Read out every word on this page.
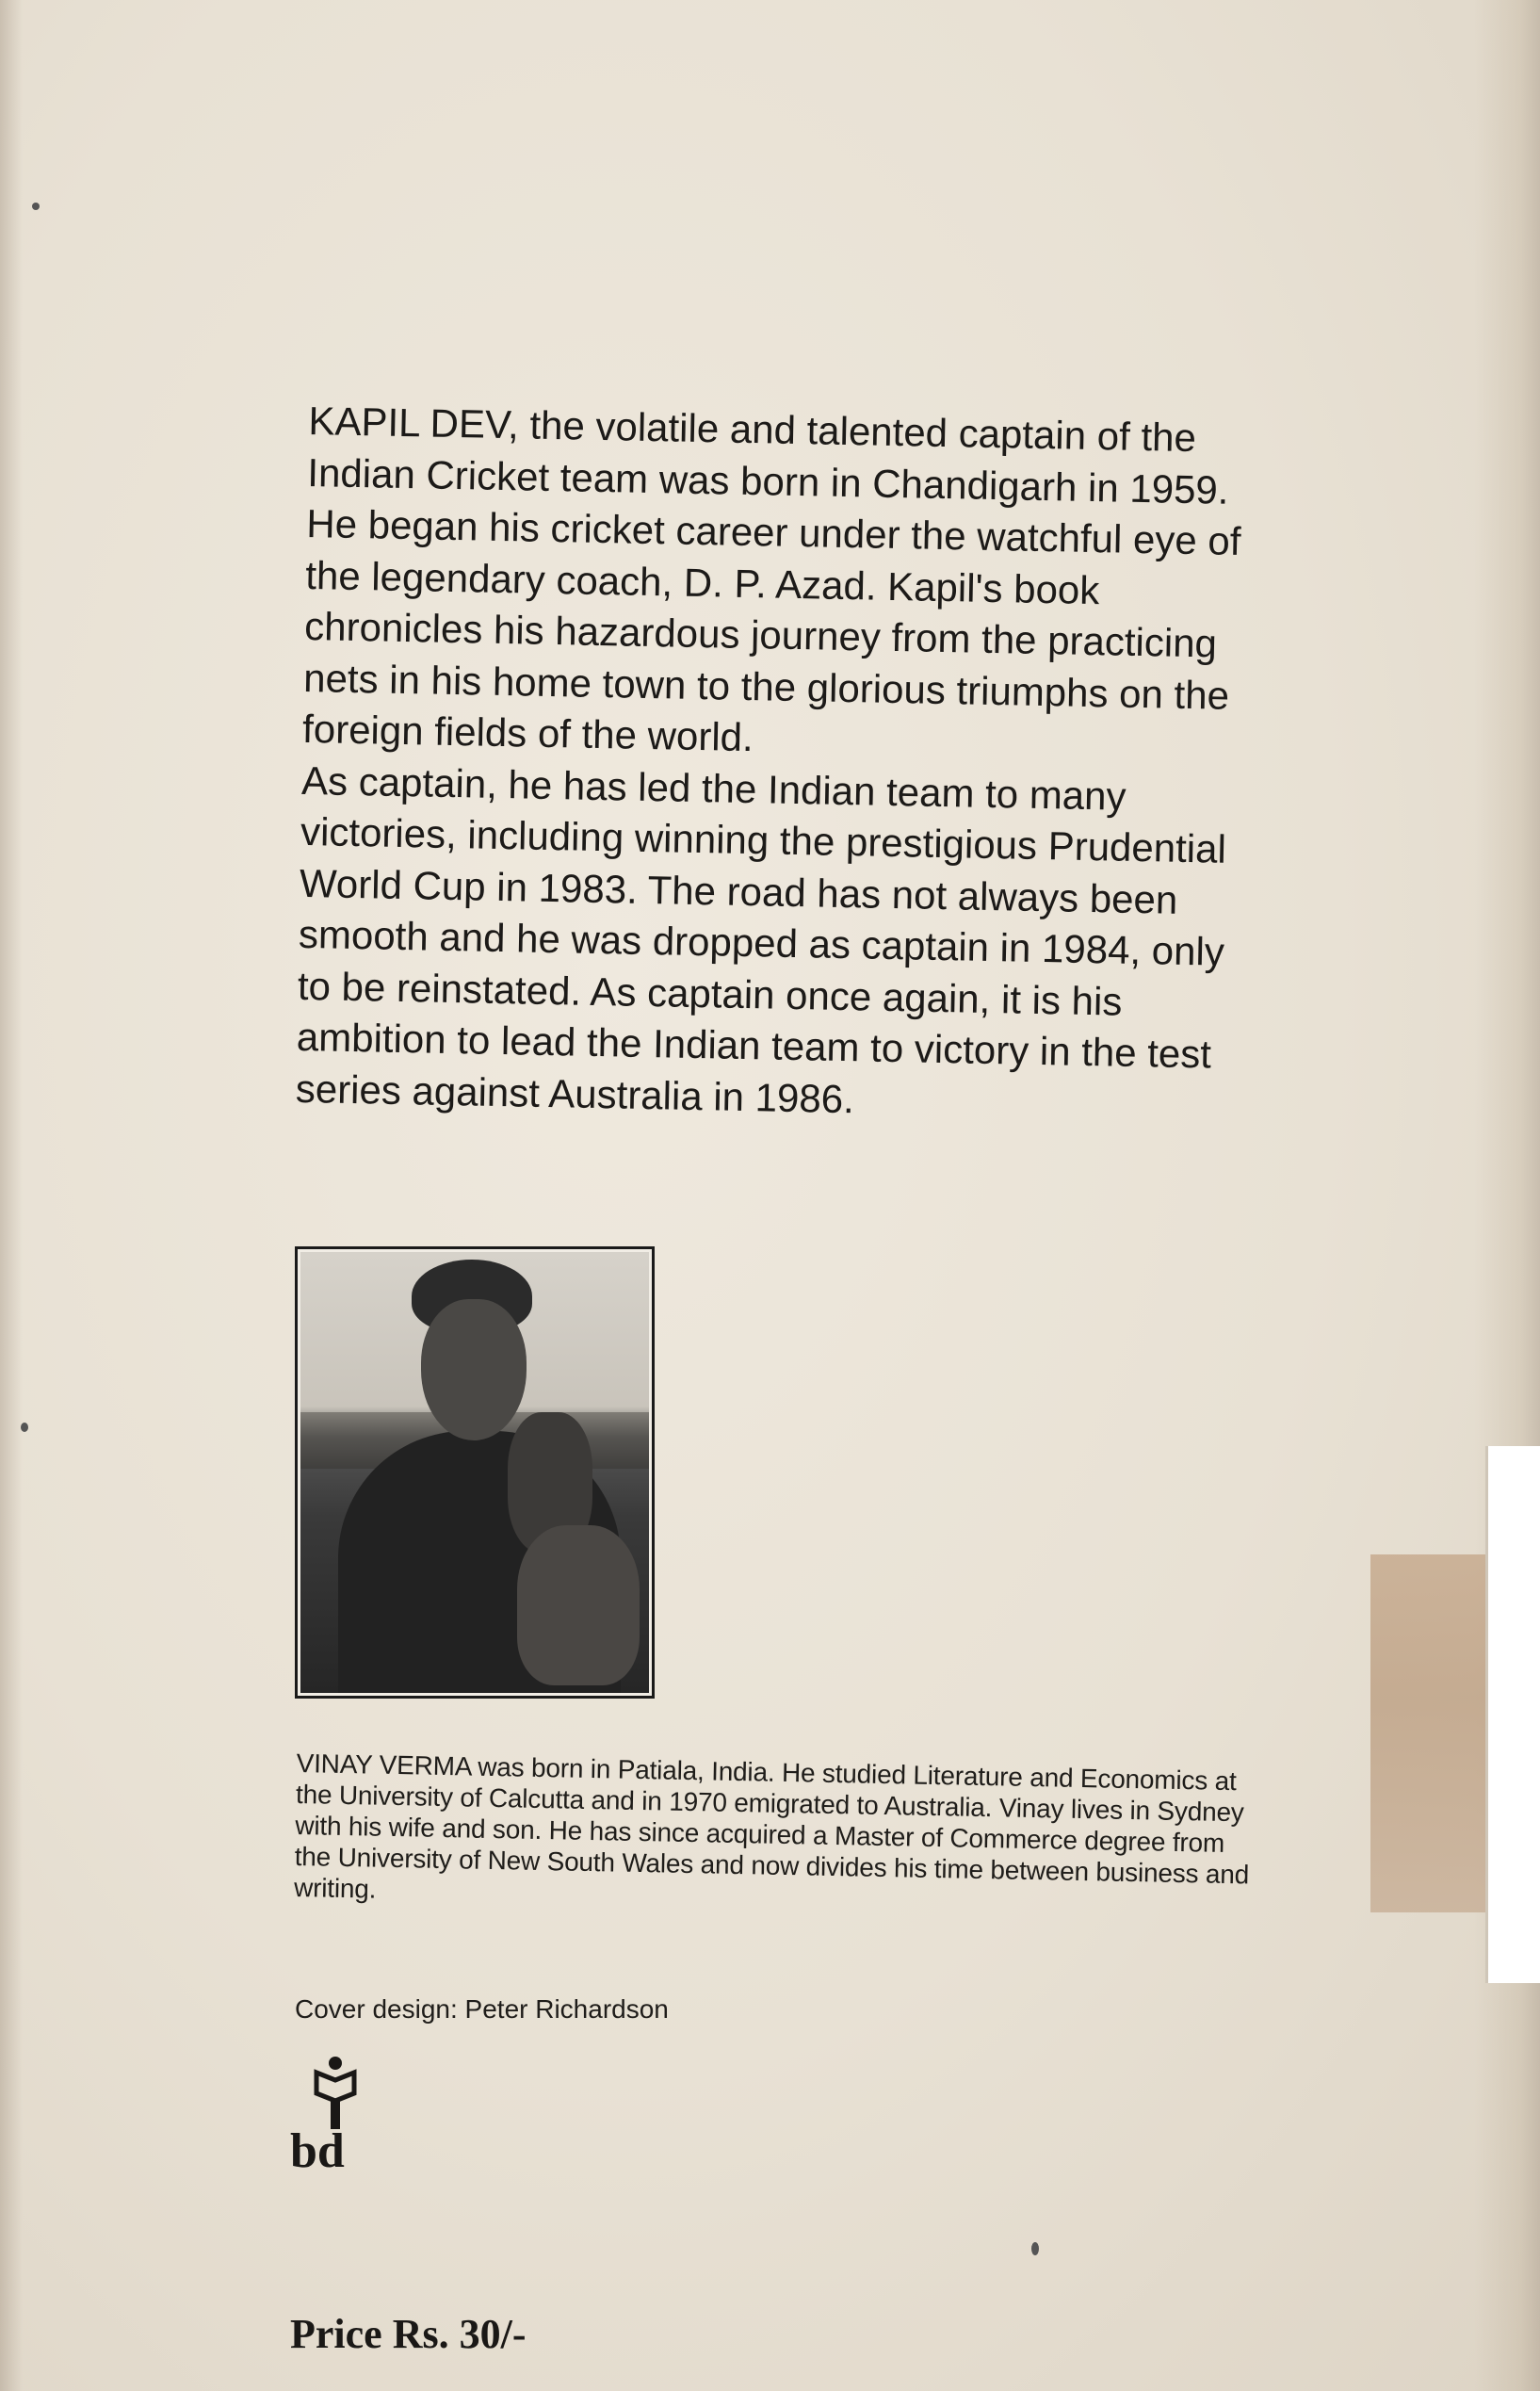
KAPIL DEV, the volatile and talented captain of the Indian Cricket team was born in Chandigarh in 1959. He began his cricket career under the watchful eye of the legendary coach, D. P. Azad. Kapil's book chronicles his hazardous journey from the practicing nets in his home town to the glorious triumphs on the foreign fields of the world.

As captain, he has led the Indian team to many victories, including winning the prestigious Prudential World Cup in 1983. The road has not always been smooth and he was dropped as captain in 1984, only to be reinstated. As captain once again, it is his ambition to lead the Indian team to victory in the test series against Australia in 1986.

VINAY VERMA was born in Patiala, India. He studied Literature and Economics at the University of Calcutta and in 1970 emigrated to Australia. Vinay lives in Sydney with his wife and son. He has since acquired a Master of Commerce degree from the University of New South Wales and now divides his time between business and writing.

Cover design: Peter Richardson
bd
Price Rs. 30/-
